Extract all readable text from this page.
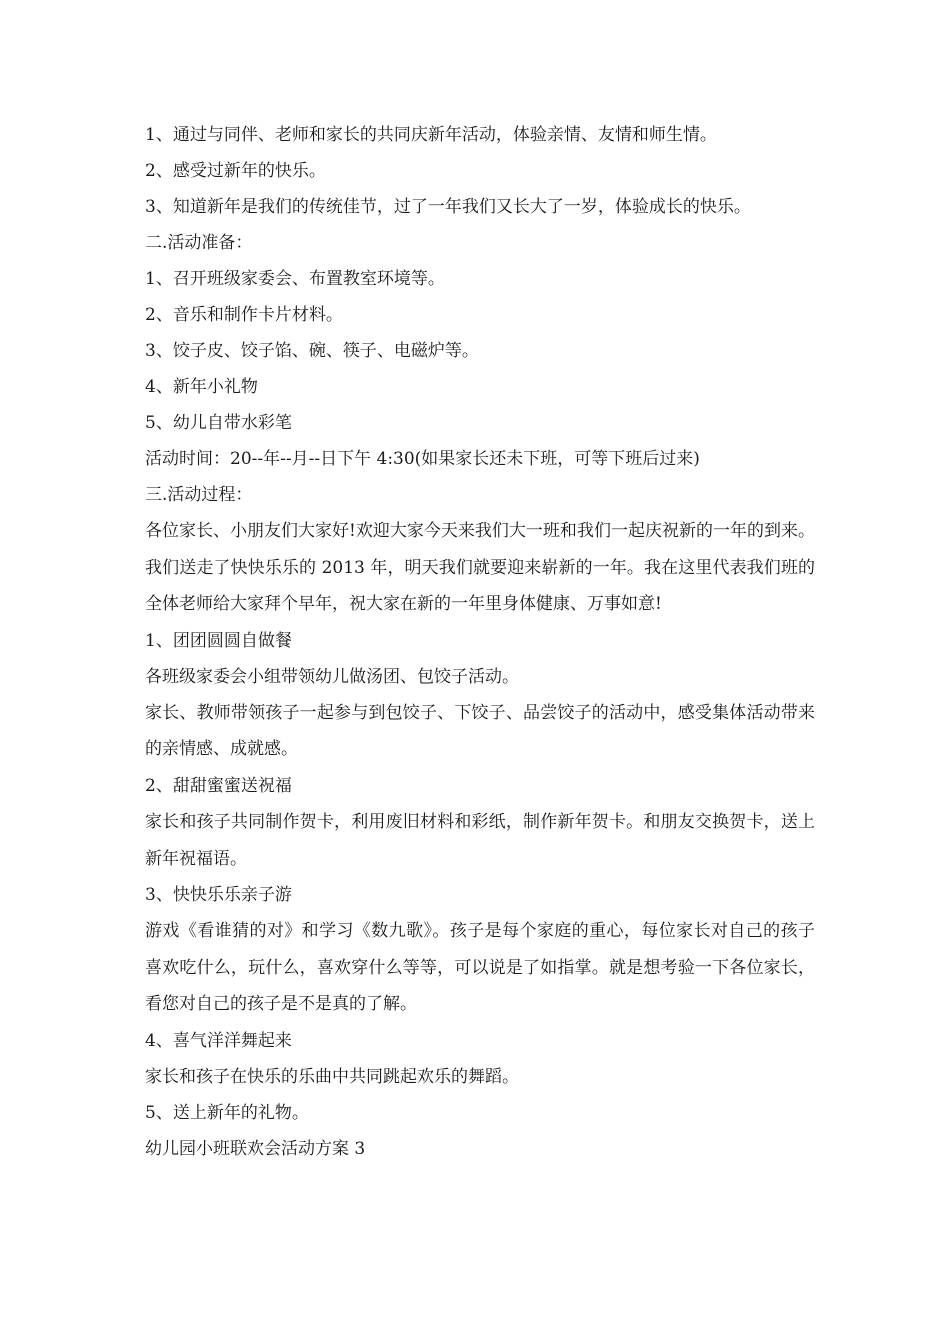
1、通过与同伴、老师和家长的共同庆新年活动，体验亲情、友情和师生情。
2、感受过新年的快乐。
3、知道新年是我们的传统佳节，过了一年我们又长大了一岁，体验成长的快乐。
二.活动准备：
1、召开班级家委会、布置教室环境等。
2、音乐和制作卡片材料。
3、饺子皮、饺子馅、碗、筷子、电磁炉等。
4、新年小礼物
5、幼儿自带水彩笔
活动时间：20--年--月--日下午 4:30(如果家长还未下班，可等下班后过来)
三.活动过程：
各位家长、小朋友们大家好!欢迎大家今天来我们大一班和我们一起庆祝新的一年的到来。我们送走了快快乐乐的 2013 年，明天我们就要迎来崭新的一年。我在这里代表我们班的全体老师给大家拜个早年，祝大家在新的一年里身体健康、万事如意!
1、团团圆圆自做餐
各班级家委会小组带领幼儿做汤团、包饺子活动。
家长、教师带领孩子一起参与到包饺子、下饺子、品尝饺子的活动中，感受集体活动带来的亲情感、成就感。
2、甜甜蜜蜜送祝福
家长和孩子共同制作贺卡，利用废旧材料和彩纸，制作新年贺卡。和朋友交换贺卡，送上新年祝福语。
3、快快乐乐亲子游
游戏《看谁猜的对》和学习《数九歌》。孩子是每个家庭的重心，每位家长对自己的孩子喜欢吃什么，玩什么，喜欢穿什么等等，可以说是了如指掌。就是想考验一下各位家长，看您对自己的孩子是不是真的了解。
4、喜气洋洋舞起来
家长和孩子在快乐的乐曲中共同跳起欢乐的舞蹈。
5、送上新年的礼物。
幼儿园小班联欢会活动方案 3
